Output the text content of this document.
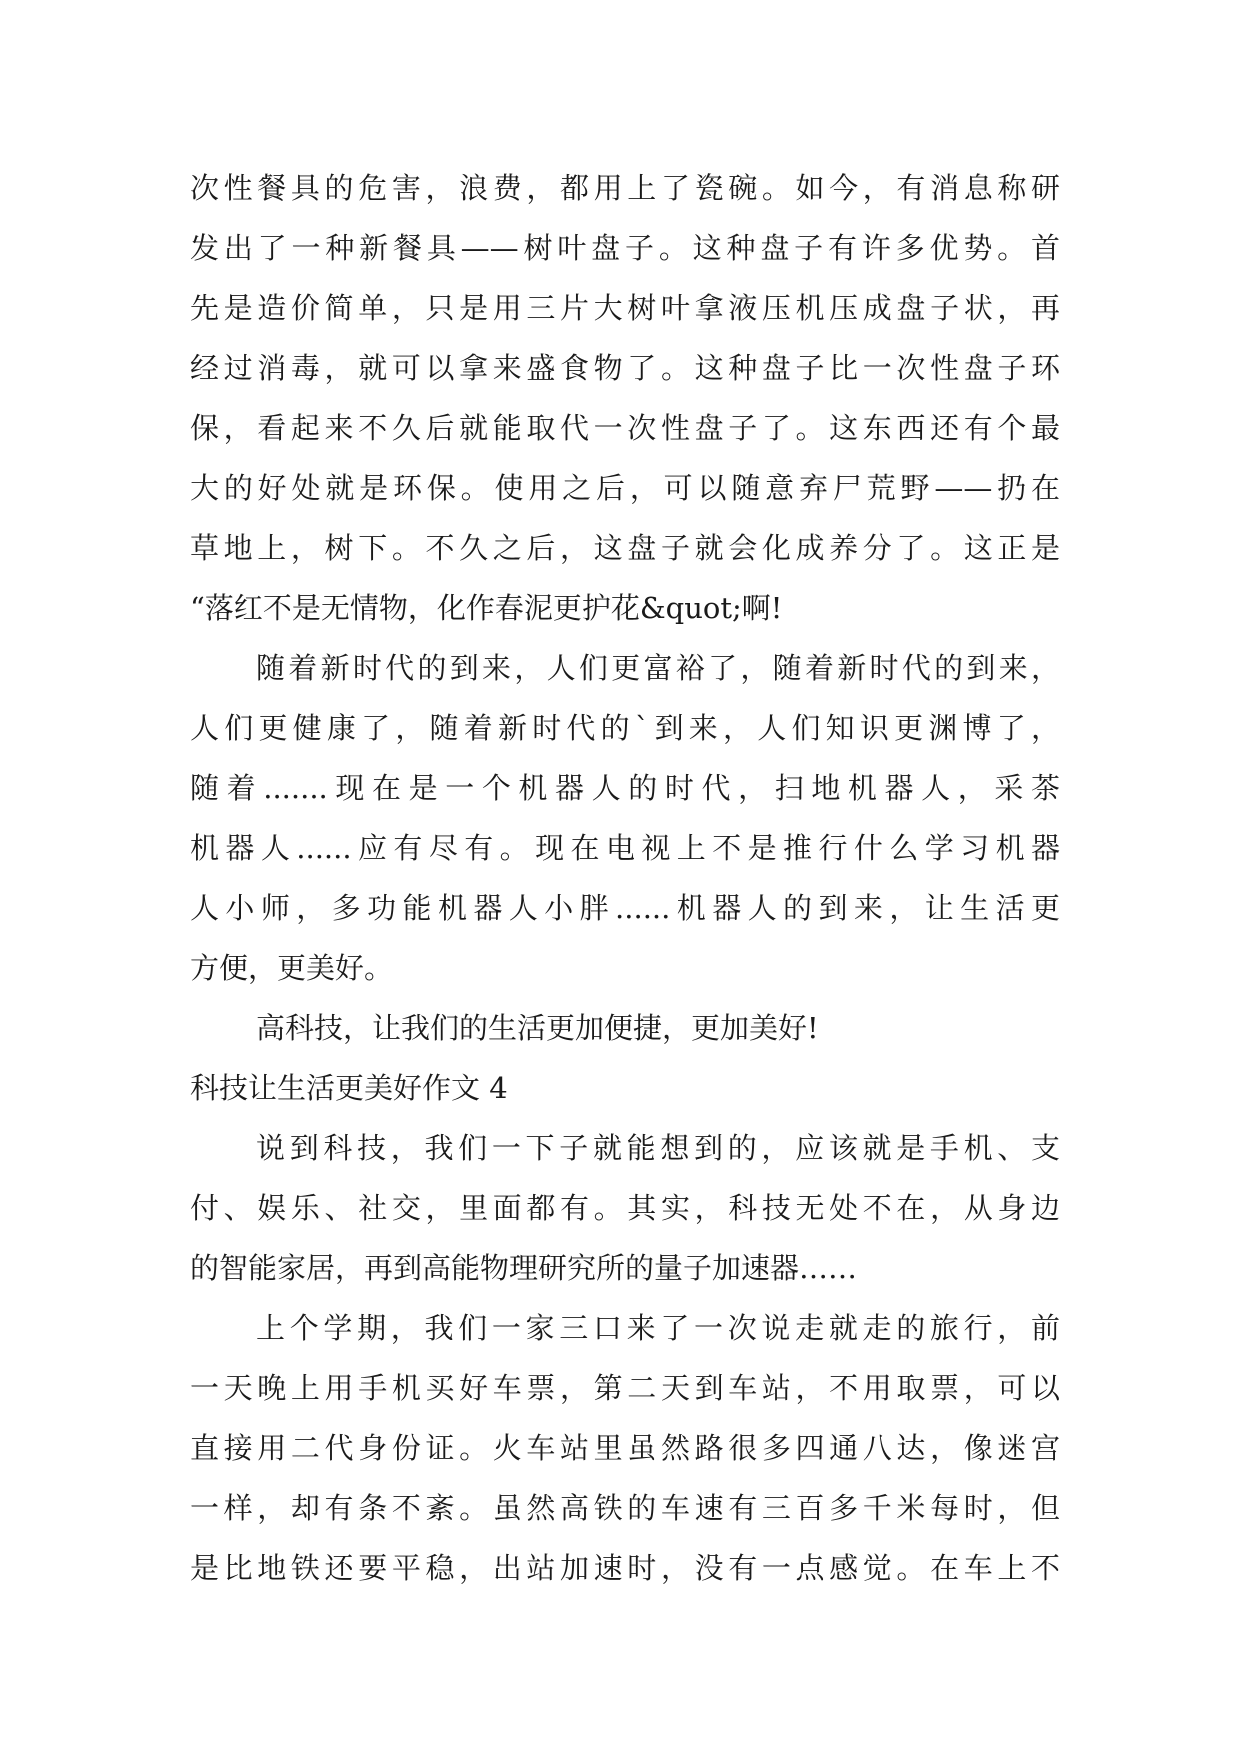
次性餐具的危害，浪费，都用上了瓷碗。如今，有消息称研
发出了一种新餐具——树叶盘子。这种盘子有许多优势。首
先是造价简单，只是用三片大树叶拿液压机压成盘子状，再
经过消毒，就可以拿来盛食物了。这种盘子比一次性盘子环
保，看起来不久后就能取代一次性盘子了。这东西还有个最
大的好处就是环保。使用之后，可以随意弃尸荒野——扔在
草地上，树下。不久之后，这盘子就会化成养分了。这正是
“落红不是无情物，化作春泥更护花&quot;啊!
随着新时代的到来，人们更富裕了，随着新时代的到来，
人们更健康了，随着新时代的`到来，人们知识更渊博了，
随着.......现在是一个机器人的时代，扫地机器人，采茶
机器人......应有尽有。现在电视上不是推行什么学习机器
人小师，多功能机器人小胖......机器人的到来，让生活更
方便，更美好。
高科技，让我们的生活更加便捷，更加美好!
科技让生活更美好作文 4
说到科技，我们一下子就能想到的，应该就是手机、支
付、娱乐、社交，里面都有。其实，科技无处不在，从身边
的智能家居，再到高能物理研究所的量子加速器……
上个学期，我们一家三口来了一次说走就走的旅行，前
一天晚上用手机买好车票，第二天到车站，不用取票，可以
直接用二代身份证。火车站里虽然路很多四通八达，像迷宫
一样，却有条不紊。虽然高铁的车速有三百多千米每时，但
是比地铁还要平稳，出站加速时，没有一点感觉。在车上不
